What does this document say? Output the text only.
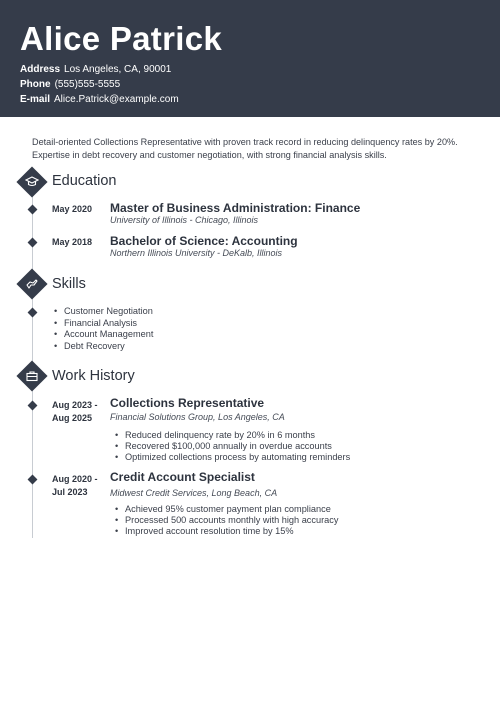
Alice Patrick
Address Los Angeles, CA, 90001
Phone (555)555-5555
E-mail Alice.Patrick@example.com
Detail-oriented Collections Representative with proven track record in reducing delinquency rates by 20%. Expertise in debt recovery and customer negotiation, with strong financial analysis skills.
Education
May 2020 Master of Business Administration: Finance
University of Illinois - Chicago, Illinois
May 2018 Bachelor of Science: Accounting
Northern Illinois University - DeKalb, Illinois
Skills
• Customer Negotiation
• Financial Analysis
• Account Management
• Debt Recovery
Work History
Aug 2023 -
Aug 2025
Collections Representative
Financial Solutions Group, Los Angeles, CA
• Reduced delinquency rate by 20% in 6 months
• Recovered $100,000 annually in overdue accounts
• Optimized collections process by automating reminders
Aug 2020 -
Jul 2023
Credit Account Specialist
Midwest Credit Services, Long Beach, CA
• Achieved 95% customer payment plan compliance
• Processed 500 accounts monthly with high accuracy
• Improved account resolution time by 15%
